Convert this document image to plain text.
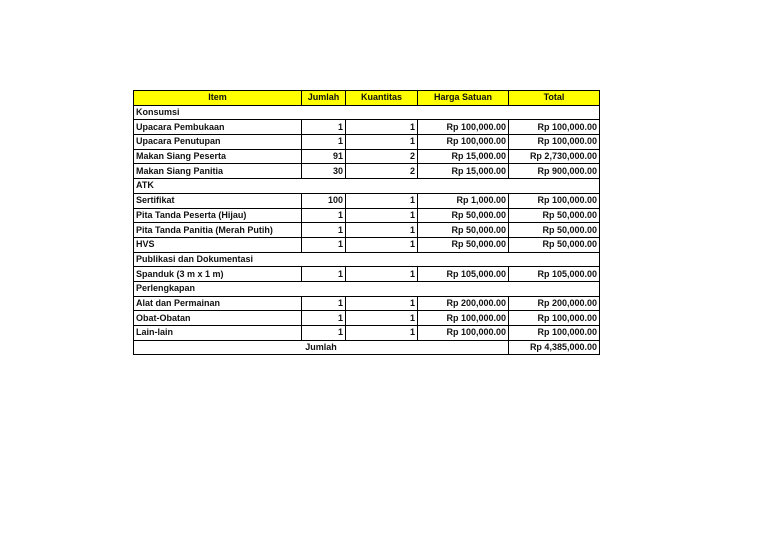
Item	Jumlah	Kuantitas	Harga Satuan	Total
Konsumsi				
Upacara Pembukaan	1	1	Rp 100,000.00	Rp 100,000.00
Upacara Penutupan	1	1	Rp 100,000.00	Rp 100,000.00
Makan Siang Peserta	91	2	Rp 15,000.00	Rp 2,730,000.00
Makan Siang Panitia	30	2	Rp 15,000.00	Rp 900,000.00
ATK				
Sertifikat	100	1	Rp 1,000.00	Rp 100,000.00
Pita Tanda Peserta (Hijau)	1	1	Rp 50,000.00	Rp 50,000.00
Pita Tanda Panitia (Merah Putih)	1	1	Rp 50,000.00	Rp 50,000.00
HVS	1	1	Rp 50,000.00	Rp 50,000.00
Publikasi dan Dokumentasi				
Spanduk (3 m x 1 m)	1	1	Rp 105,000.00	Rp 105,000.00
Perlengkapan				
Alat dan Permainan	1	1	Rp 200,000.00	Rp 200,000.00
Obat-Obatan	1	1	Rp 100,000.00	Rp 100,000.00
Lain-lain	1	1	Rp 100,000.00	Rp 100,000.00
Jumlah				Rp 4,385,000.00
